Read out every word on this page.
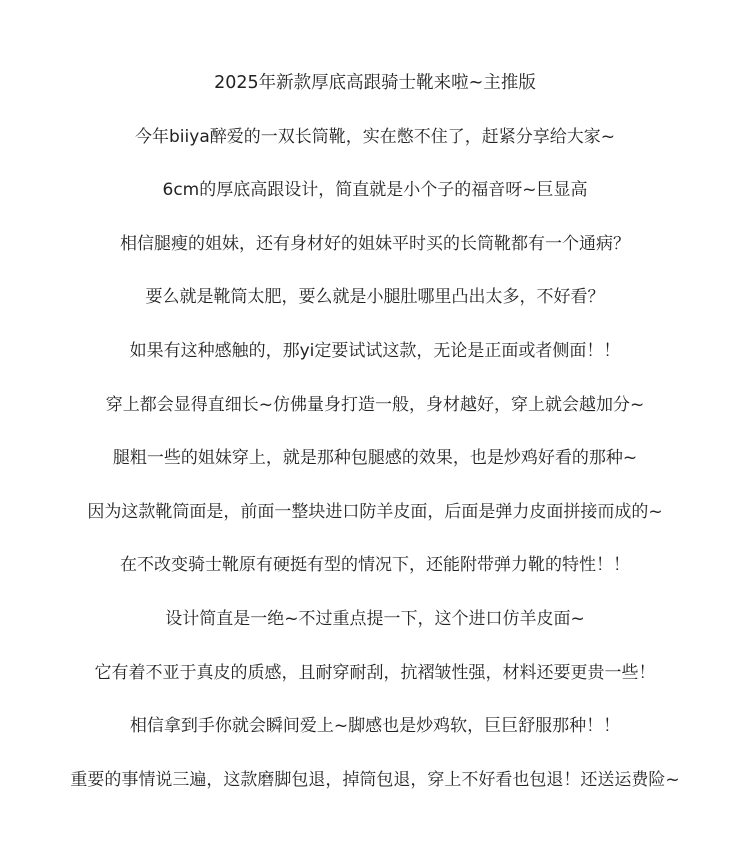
2025年新款厚底高跟骑士靴来啦~主推版
今年biiya醉爱的一双长筒靴，实在憋不住了，赶紧分享给大家~
6cm的厚底高跟设计，简直就是小个子的福音呀~巨显高
相信腿瘦的姐妹，还有身材好的姐妹平时买的长筒靴都有一个通病？
要么就是靴筒太肥，要么就是小腿肚哪里凸出太多，不好看？
如果有这种感触的，那yi定要试试这款，无论是正面或者侧面！！
穿上都会显得直细长~仿佛量身打造一般，身材越好，穿上就会越加分~
腿粗一些的姐妹穿上，就是那种包腿感的效果，也是炒鸡好看的那种~
因为这款靴筒面是，前面一整块进口防羊皮面，后面是弹力皮面拼接而成的~
在不改变骑士靴原有硬挺有型的情况下，还能附带弹力靴的特性！！
设计简直是一绝~不过重点提一下，这个进口仿羊皮面~
它有着不亚于真皮的质感，且耐穿耐刮，抗褶皱性强，材料还要更贵一些！
相信拿到手你就会瞬间爱上~脚感也是炒鸡软，巨巨舒服那种！！
重要的事情说三遍，这款磨脚包退，掉筒包退，穿上不好看也包退！还送运费险~
